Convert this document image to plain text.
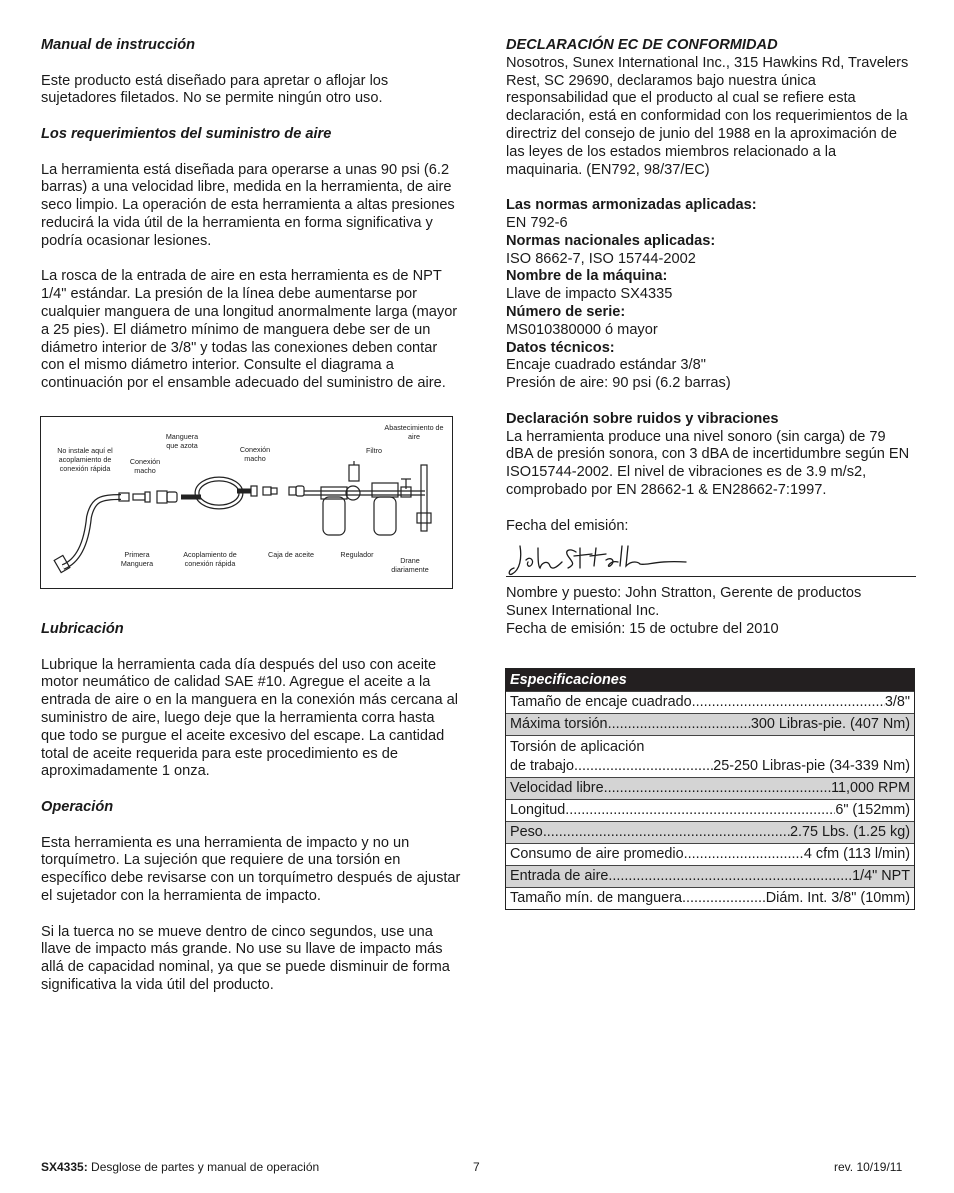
Manual de instrucción

Este producto está diseñado para apretar o aflojar los sujetadores filetados. No se permite ningún otro uso.

Los requerimientos del suministro de aire

La herramienta está diseñada para operarse a unas 90 psi (6.2 barras) a una velocidad libre, medida en la herramienta, de aire seco limpio. La operación de esta herramienta a altas presiones reducirá la vida útil de la herramienta en forma significativa y podría ocasionar lesiones.

La rosca de la entrada de aire en esta herramienta es de NPT 1/4" estándar. La presión de la línea debe aumentarse por cualquier manguera de una longitud anormalmente larga (mayor a 25 pies). El diámetro mínimo de manguera debe ser de un diámetro interior de 3/8" y todas las conexiones deben contar con el mismo diámetro interior. Consulte el diagrama a continuación por el ensamble adecuado del suministro de aire.

No instale aquí el acoplamiento de conexión rápida
Conexión macho
Manguera que azota	Conexión macho
Filtro
Abastecimiento de aire
Primera Manguera
Acoplamiento de conexión rápida
Caja de aceite	Regulador
Drane diariamente

Lubricación

Lubrique la herramienta cada día después del uso con aceite motor neumático de calidad SAE #10. Agregue el aceite a la entrada de aire o en la manguera en la conexión más cercana al suministro de aire, luego deje que la herramienta corra hasta que todo se purgue el aceite excesivo del escape. La cantidad total de aceite requerida para este procedimiento es de aproximadamente 1 onza.

Operación

Esta herramienta es una herramienta de impacto y no un torquímetro. La sujeción que requiere de una torsión en específico debe revisarse con un torquímetro después de ajustar el sujetador con la herramienta de impacto.

Si la tuerca no se mueve dentro de cinco segundos, use una llave de impacto más grande. No use su llave de impacto más allá de capacidad nominal, ya que se puede disminuir de forma significativa la vida útil del producto.

DECLARACIÓN EC DE CONFORMIDAD

Nosotros, Sunex International Inc., 315 Hawkins Rd, Travelers Rest, SC 29690, declaramos bajo nuestra única responsabilidad que el producto al cual se refiere esta declaración, está en conformidad con los requerimientos de la directriz del consejo de junio del 1988 en la aproximación de las leyes de los estados miembros relacionado a la maquinaria. (EN792, 98/37/EC)

Las normas armonizadas aplicadas:

EN 792-6

Normas nacionales aplicadas:

ISO 8662-7, ISO 15744-2002

Nombre de la máquina:

Llave de impacto SX4335

Número de serie:

MS010380000 ó mayor

Datos técnicos:

Encaje cuadrado estándar 3/8"

Presión de aire: 90 psi (6.2 barras)

Declaración sobre ruidos y vibraciones

La herramienta produce una nivel sonoro (sin carga) de 79 dBA de presión sonora, con 3 dBA de incertidumbre según EN ISO15744-2002. El nivel de vibraciones es de 3.9 m/s2, comprobado por EN 28662-1 & EN28662-7:1997.

Fecha del emisión:

Nombre y puesto: John Stratton, Gerente de productos

Sunex International Inc.

Fecha de emisión: 15 de octubre del 2010

Especificaciones
Tamaño de encaje cuadrado .....	3/8"
Máxima torsión .....	300 Libras-pie. (407 Nm)
Torsión de aplicación
de trabajo .....	25-250 Libras-pie (34-339 Nm)
Velocidad libre .....	11,000 RPM
Longitud .....	6" (152mm)
Peso .....	2.75 Lbs. (1.25 kg)
Consumo de aire promedio. .....	4 cfm (113 l/min)
Entrada de aire .....	1/4" NPT
Tamaño mín. de manguera .....	Diám. Int. 3/8" (10mm)
SX4335: Desglose de partes y manual de operación	7	rev. 10/19/11
